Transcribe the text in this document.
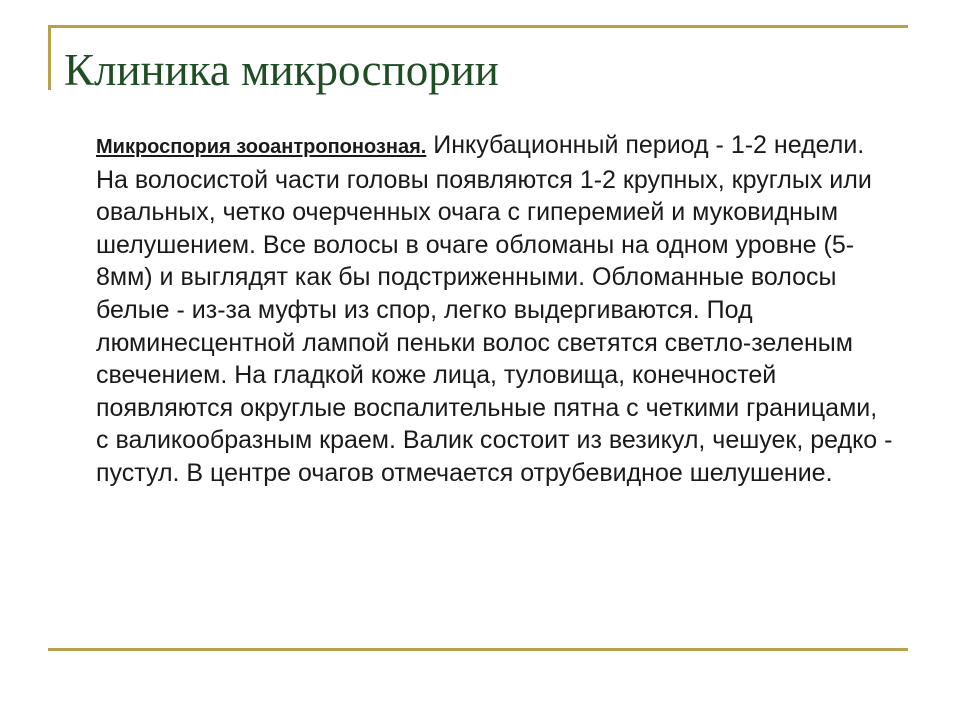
Клиника микроспории

Микроспория зооантропонозная. Инкубационный период - 1-2 недели. На волосистой части головы появляются 1-2 крупных, круглых или овальных, четко очерченных очага с гиперемией и муковидным шелушением. Все волосы в очаге обломаны на одном уровне (5-8мм) и выглядят как бы подстриженными. Обломанные волосы белые - из-за муфты из спор, легко выдергиваются. Под люминесцентной лампой пеньки волос светятся светло-зеленым свечением. На гладкой коже лица, туловища, конечностей появляются округлые воспалительные пятна с четкими границами, с валикообразным краем. Валик состоит из везикул, чешуек, редко - пустул. В центре очагов отмечается отрубевидное шелушение.
